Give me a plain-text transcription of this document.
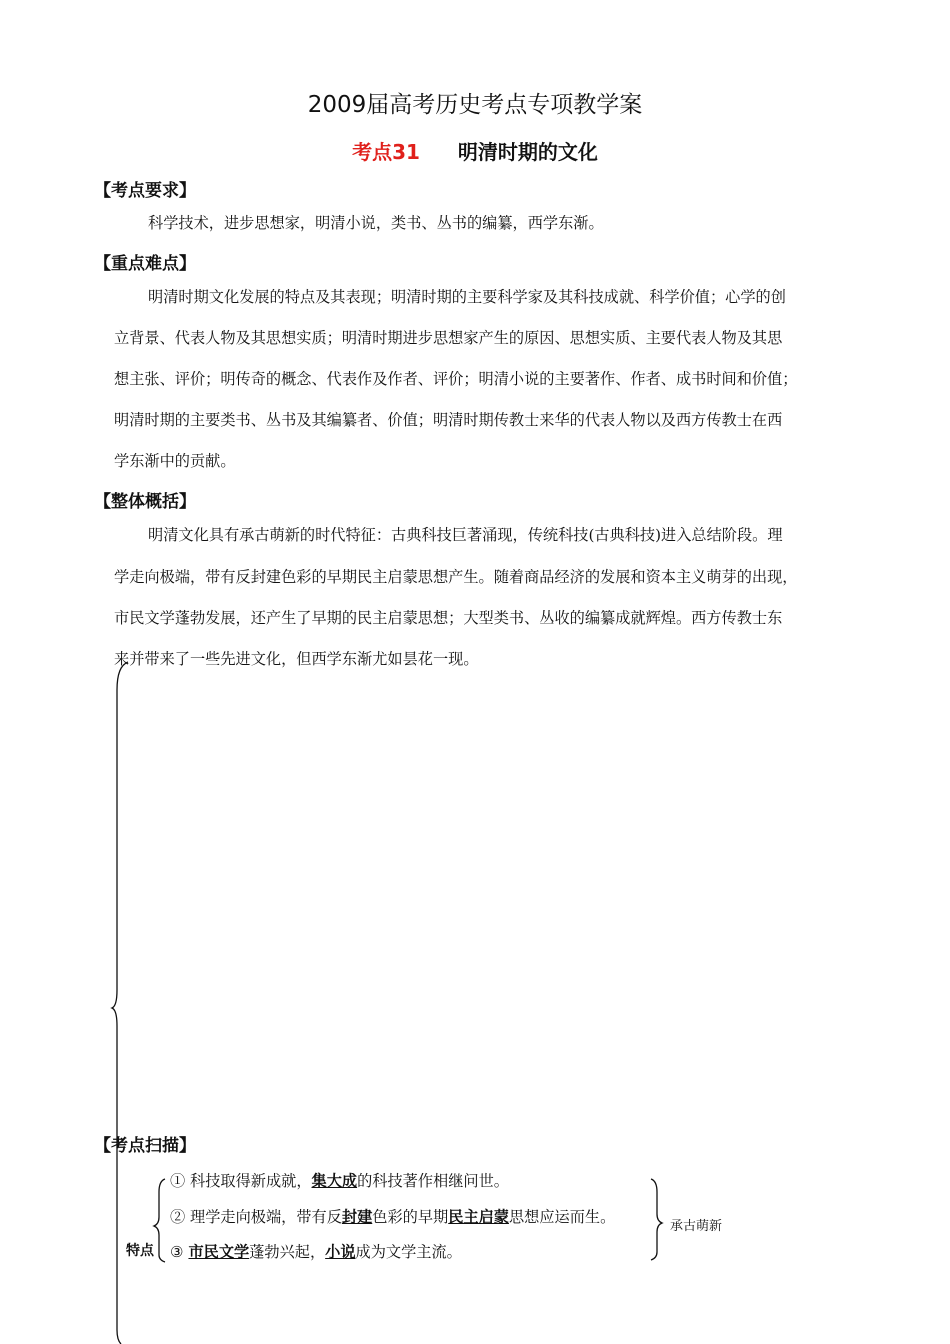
2009届高考历史考点专项教学案
考点31 明清时期的文化
【考点要求】
科学技术，进步思想家，明清小说，类书、丛书的编纂，西学东渐。
【重点难点】
明清时期文化发展的特点及其表现；明清时期的主要科学家及其科技成就、科学价值；心学的创
立背景、代表人物及其思想实质；明清时期进步思想家产生的原因、思想实质、主要代表人物及其思
想主张、评价；明传奇的概念、代表作及作者、评价；明清小说的主要著作、作者、成书时间和价值；
明清时期的主要类书、丛书及其编纂者、价值；明清时期传教士来华的代表人物以及西方传教士在西
学东渐中的贡献。
【整体概括】
明清文化具有承古萌新的时代特征：古典科技巨著涌现，传统科技(古典科技)进入总结阶段。理
学走向极端，带有反封建色彩的早期民主启蒙思想产生。随着商品经济的发展和资本主义萌芽的出现，
市民文学蓬勃发展，还产生了早期的民主启蒙思想；大型类书、丛收的编纂成就辉煌。西方传教士东
来并带来了一些先进文化，但西学东渐尤如昙花一现。
【考点扫描】
① 科技取得新成就，集大成的科技著作相继问世。
② 理学走向极端，带有反封建色彩的早期民主启蒙思想应运而生。
③ 市民文学蓬勃兴起，小说成为文学主流。
特点
承古萌新
